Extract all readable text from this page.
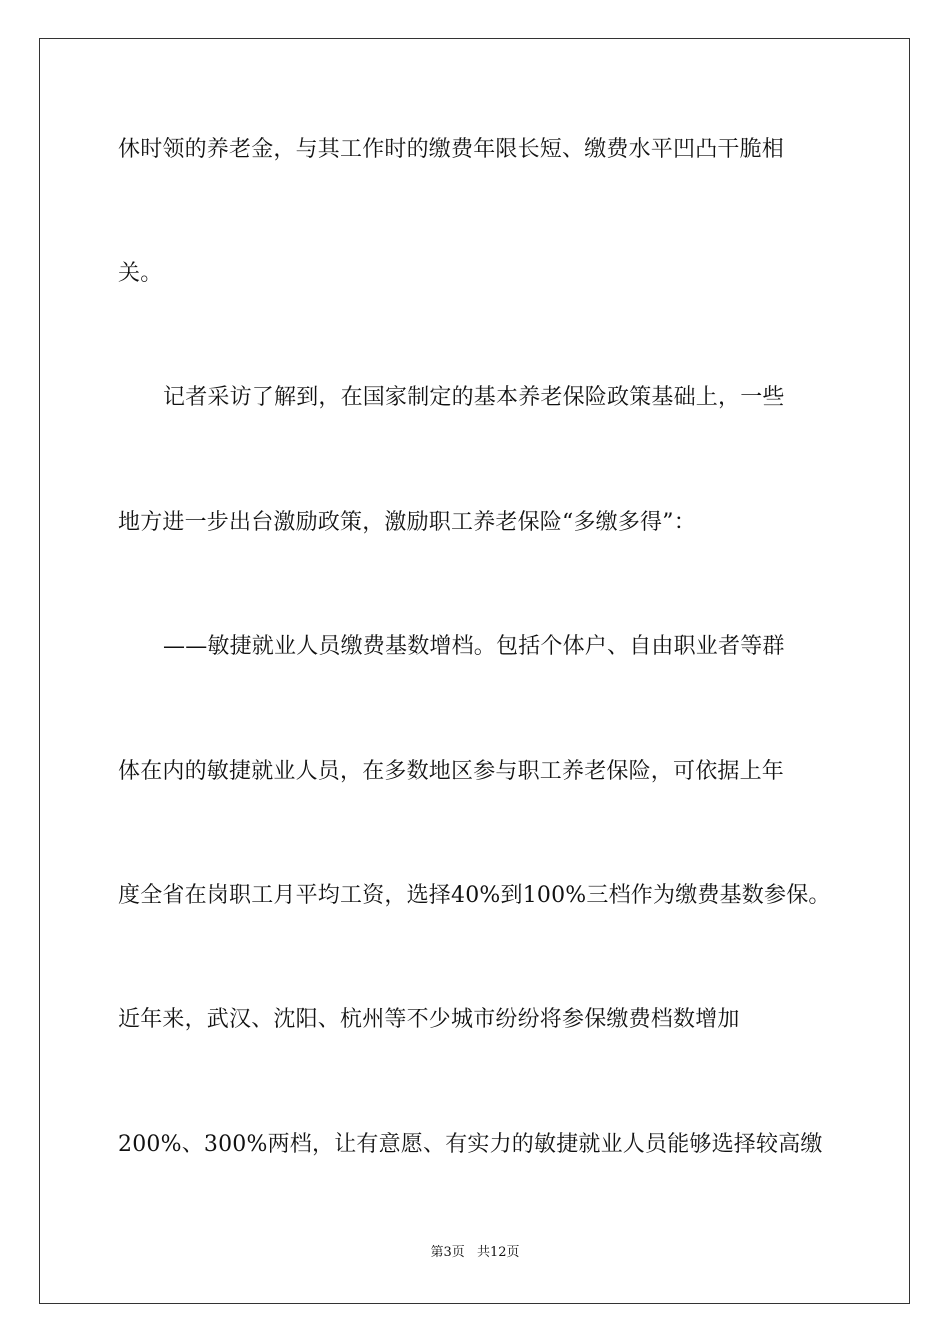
休时领的养老金，与其工作时的缴费年限长短、缴费水平凹凸干脆相
关。
记者采访了解到，在国家制定的基本养老保险政策基础上，一些
地方进一步出台激励政策，激励职工养老保险“多缴多得”：
——敏捷就业人员缴费基数增档。包括个体户、自由职业者等群
体在内的敏捷就业人员，在多数地区参与职工养老保险，可依据上年
度全省在岗职工月平均工资，选择40%到100%三档作为缴费基数参保。
近年来，武汉、沈阳、杭州等不少城市纷纷将参保缴费档数增加
200%、300%两档，让有意愿、有实力的敏捷就业人员能够选择较高缴
第3页 共12页
